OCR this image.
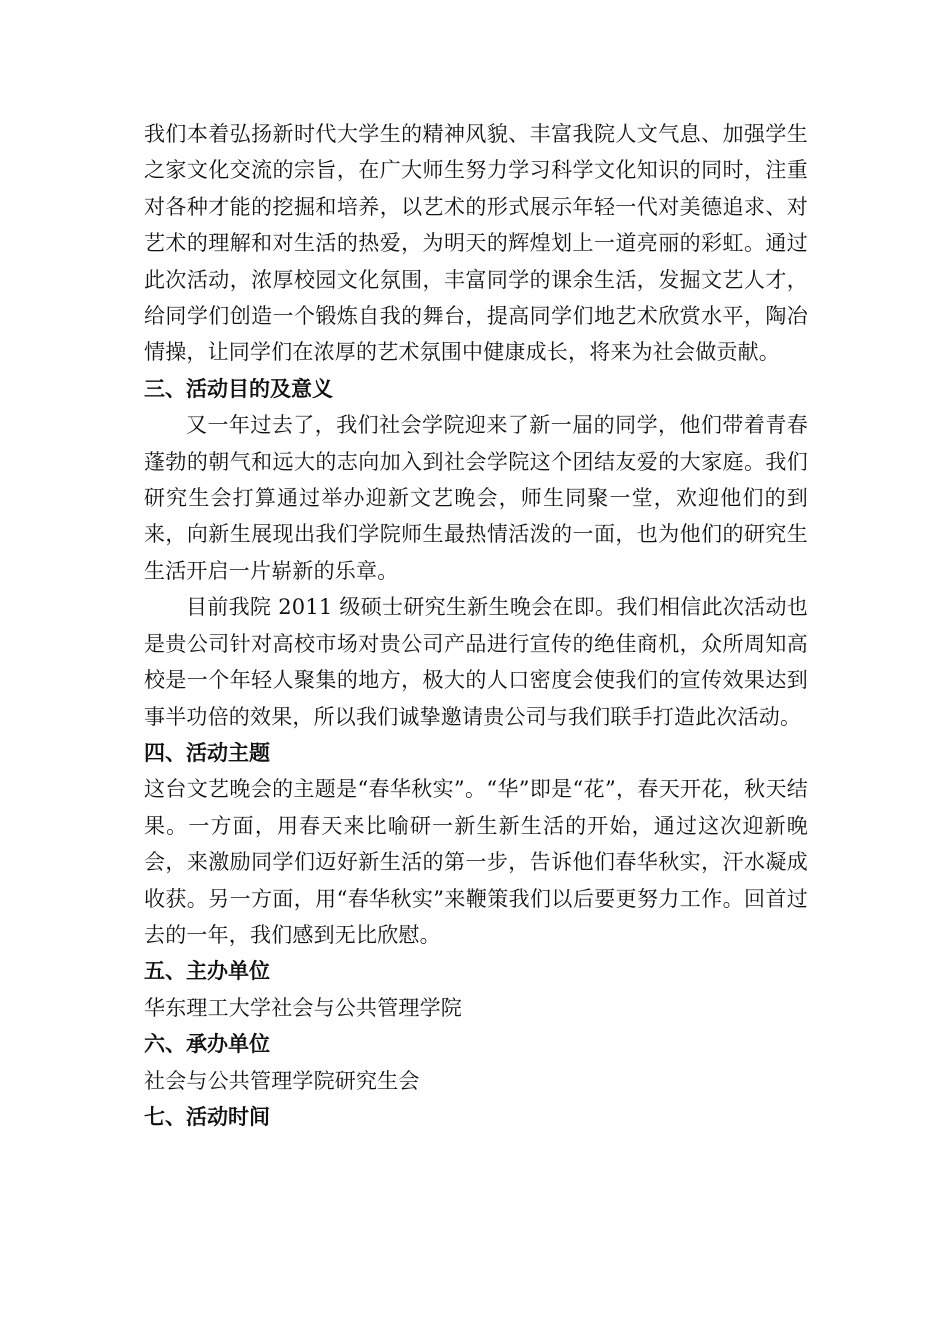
我们本着弘扬新时代大学生的精神风貌、丰富我院人文气息、加强学生之家文化交流的宗旨，在广大师生努力学习科学文化知识的同时，注重对各种才能的挖掘和培养，以艺术的形式展示年轻一代对美德追求、对艺术的理解和对生活的热爱，为明天的辉煌划上一道亮丽的彩虹。通过此次活动，浓厚校园文化氛围，丰富同学的课余生活，发掘文艺人才，给同学们创造一个锻炼自我的舞台，提高同学们地艺术欣赏水平，陶冶情操，让同学们在浓厚的艺术氛围中健康成长，将来为社会做贡献。

三、活动目的及意义

又一年过去了，我们社会学院迎来了新一届的同学，他们带着青春蓬勃的朝气和远大的志向加入到社会学院这个团结友爱的大家庭。我们研究生会打算通过举办迎新文艺晚会，师生同聚一堂，欢迎他们的到来，向新生展现出我们学院师生最热情活泼的一面，也为他们的研究生生活开启一片崭新的乐章。

目前我院 2011 级硕士研究生新生晚会在即。我们相信此次活动也是贵公司针对高校市场对贵公司产品进行宣传的绝佳商机，众所周知高校是一个年轻人聚集的地方，极大的人口密度会使我们的宣传效果达到事半功倍的效果，所以我们诚挚邀请贵公司与我们联手打造此次活动。

四、活动主题

这台文艺晚会的主题是“春华秋实”。“华”即是“花”，春天开花，秋天结果。一方面，用春天来比喻研一新生新生活的开始，通过这次迎新晚会，来激励同学们迈好新生活的第一步，告诉他们春华秋实，汗水凝成收获。另一方面，用“春华秋实”来鞭策我们以后要更努力工作。回首过去的一年，我们感到无比欣慰。

五、主办单位

华东理工大学社会与公共管理学院

六、承办单位

社会与公共管理学院研究生会

七、活动时间
